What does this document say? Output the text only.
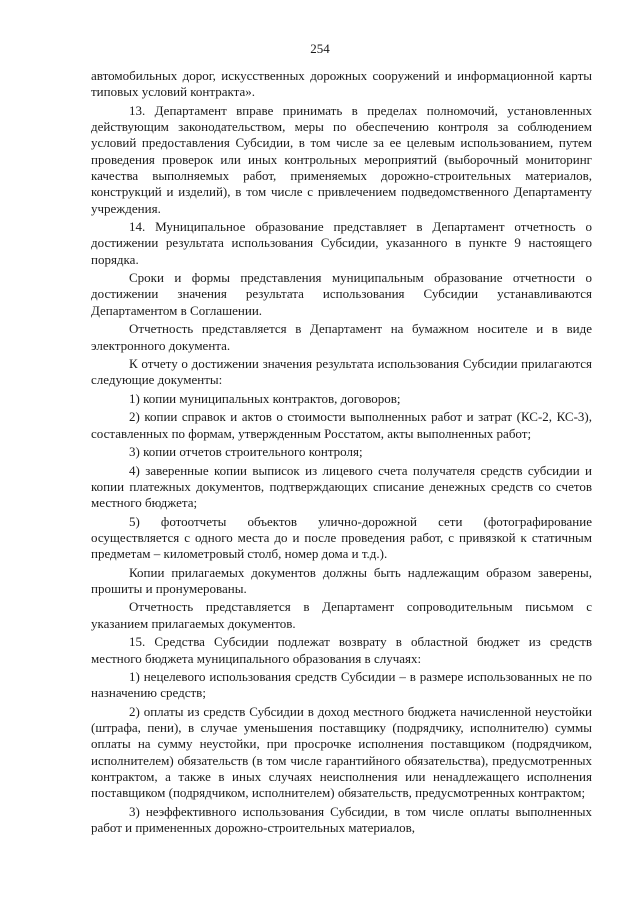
254

автомобильных дорог, искусственных дорожных сооружений и информационной карты типовых условий контракта».

13. Департамент вправе принимать в пределах полномочий, установленных действующим законодательством, меры по обеспечению контроля за соблюдением условий предоставления Субсидии, в том числе за ее целевым использованием, путем проведения проверок или иных контрольных мероприятий (выборочный мониторинг качества выполняемых работ, применяемых дорожно-строительных материалов, конструкций и изделий), в том числе с привлечением подведомственного Департаменту учреждения.

14. Муниципальное образование представляет в Департамент отчетность о достижении результата использования Субсидии, указанного в пункте 9 настоящего порядка.

Сроки и формы представления муниципальным образование отчетности о достижении значения результата использования Субсидии устанавливаются Департаментом в Соглашении.

Отчетность представляется в Департамент на бумажном носителе и в виде электронного документа.

К отчету о достижении значения результата использования Субсидии прилагаются следующие документы:

1) копии муниципальных контрактов, договоров;

2) копии справок и актов о стоимости выполненных работ и затрат (КС-2, КС-3), составленных по формам, утвержденным Росстатом, акты выполненных работ;

3) копии отчетов строительного контроля;

4) заверенные копии выписок из лицевого счета получателя средств субсидии и копии платежных документов, подтверждающих списание денежных средств со счетов местного бюджета;

5) фотоотчеты объектов улично-дорожной сети (фотографирование осуществляется с одного места до и после проведения работ, с привязкой к статичным предметам – километровый столб, номер дома и т.д.).

Копии прилагаемых документов должны быть надлежащим образом заверены, прошиты и пронумерованы.

Отчетность представляется в Департамент сопроводительным письмом с указанием прилагаемых документов.

15. Средства Субсидии подлежат возврату в областной бюджет из средств местного бюджета муниципального образования в случаях:

1) нецелевого использования средств Субсидии – в размере использованных не по назначению средств;

2) оплаты из средств Субсидии в доход местного бюджета начисленной неустойки (штрафа, пени), в случае уменьшения поставщику (подрядчику, исполнителю) суммы оплаты на сумму неустойки, при просрочке исполнения поставщиком (подрядчиком, исполнителем) обязательств (в том числе гарантийного обязательства), предусмотренных контрактом, а также в иных случаях неисполнения или ненадлежащего исполнения поставщиком (подрядчиком, исполнителем) обязательств, предусмотренных контрактом;

3) неэффективного использования Субсидии, в том числе оплаты выполненных работ и примененных дорожно-строительных материалов,
